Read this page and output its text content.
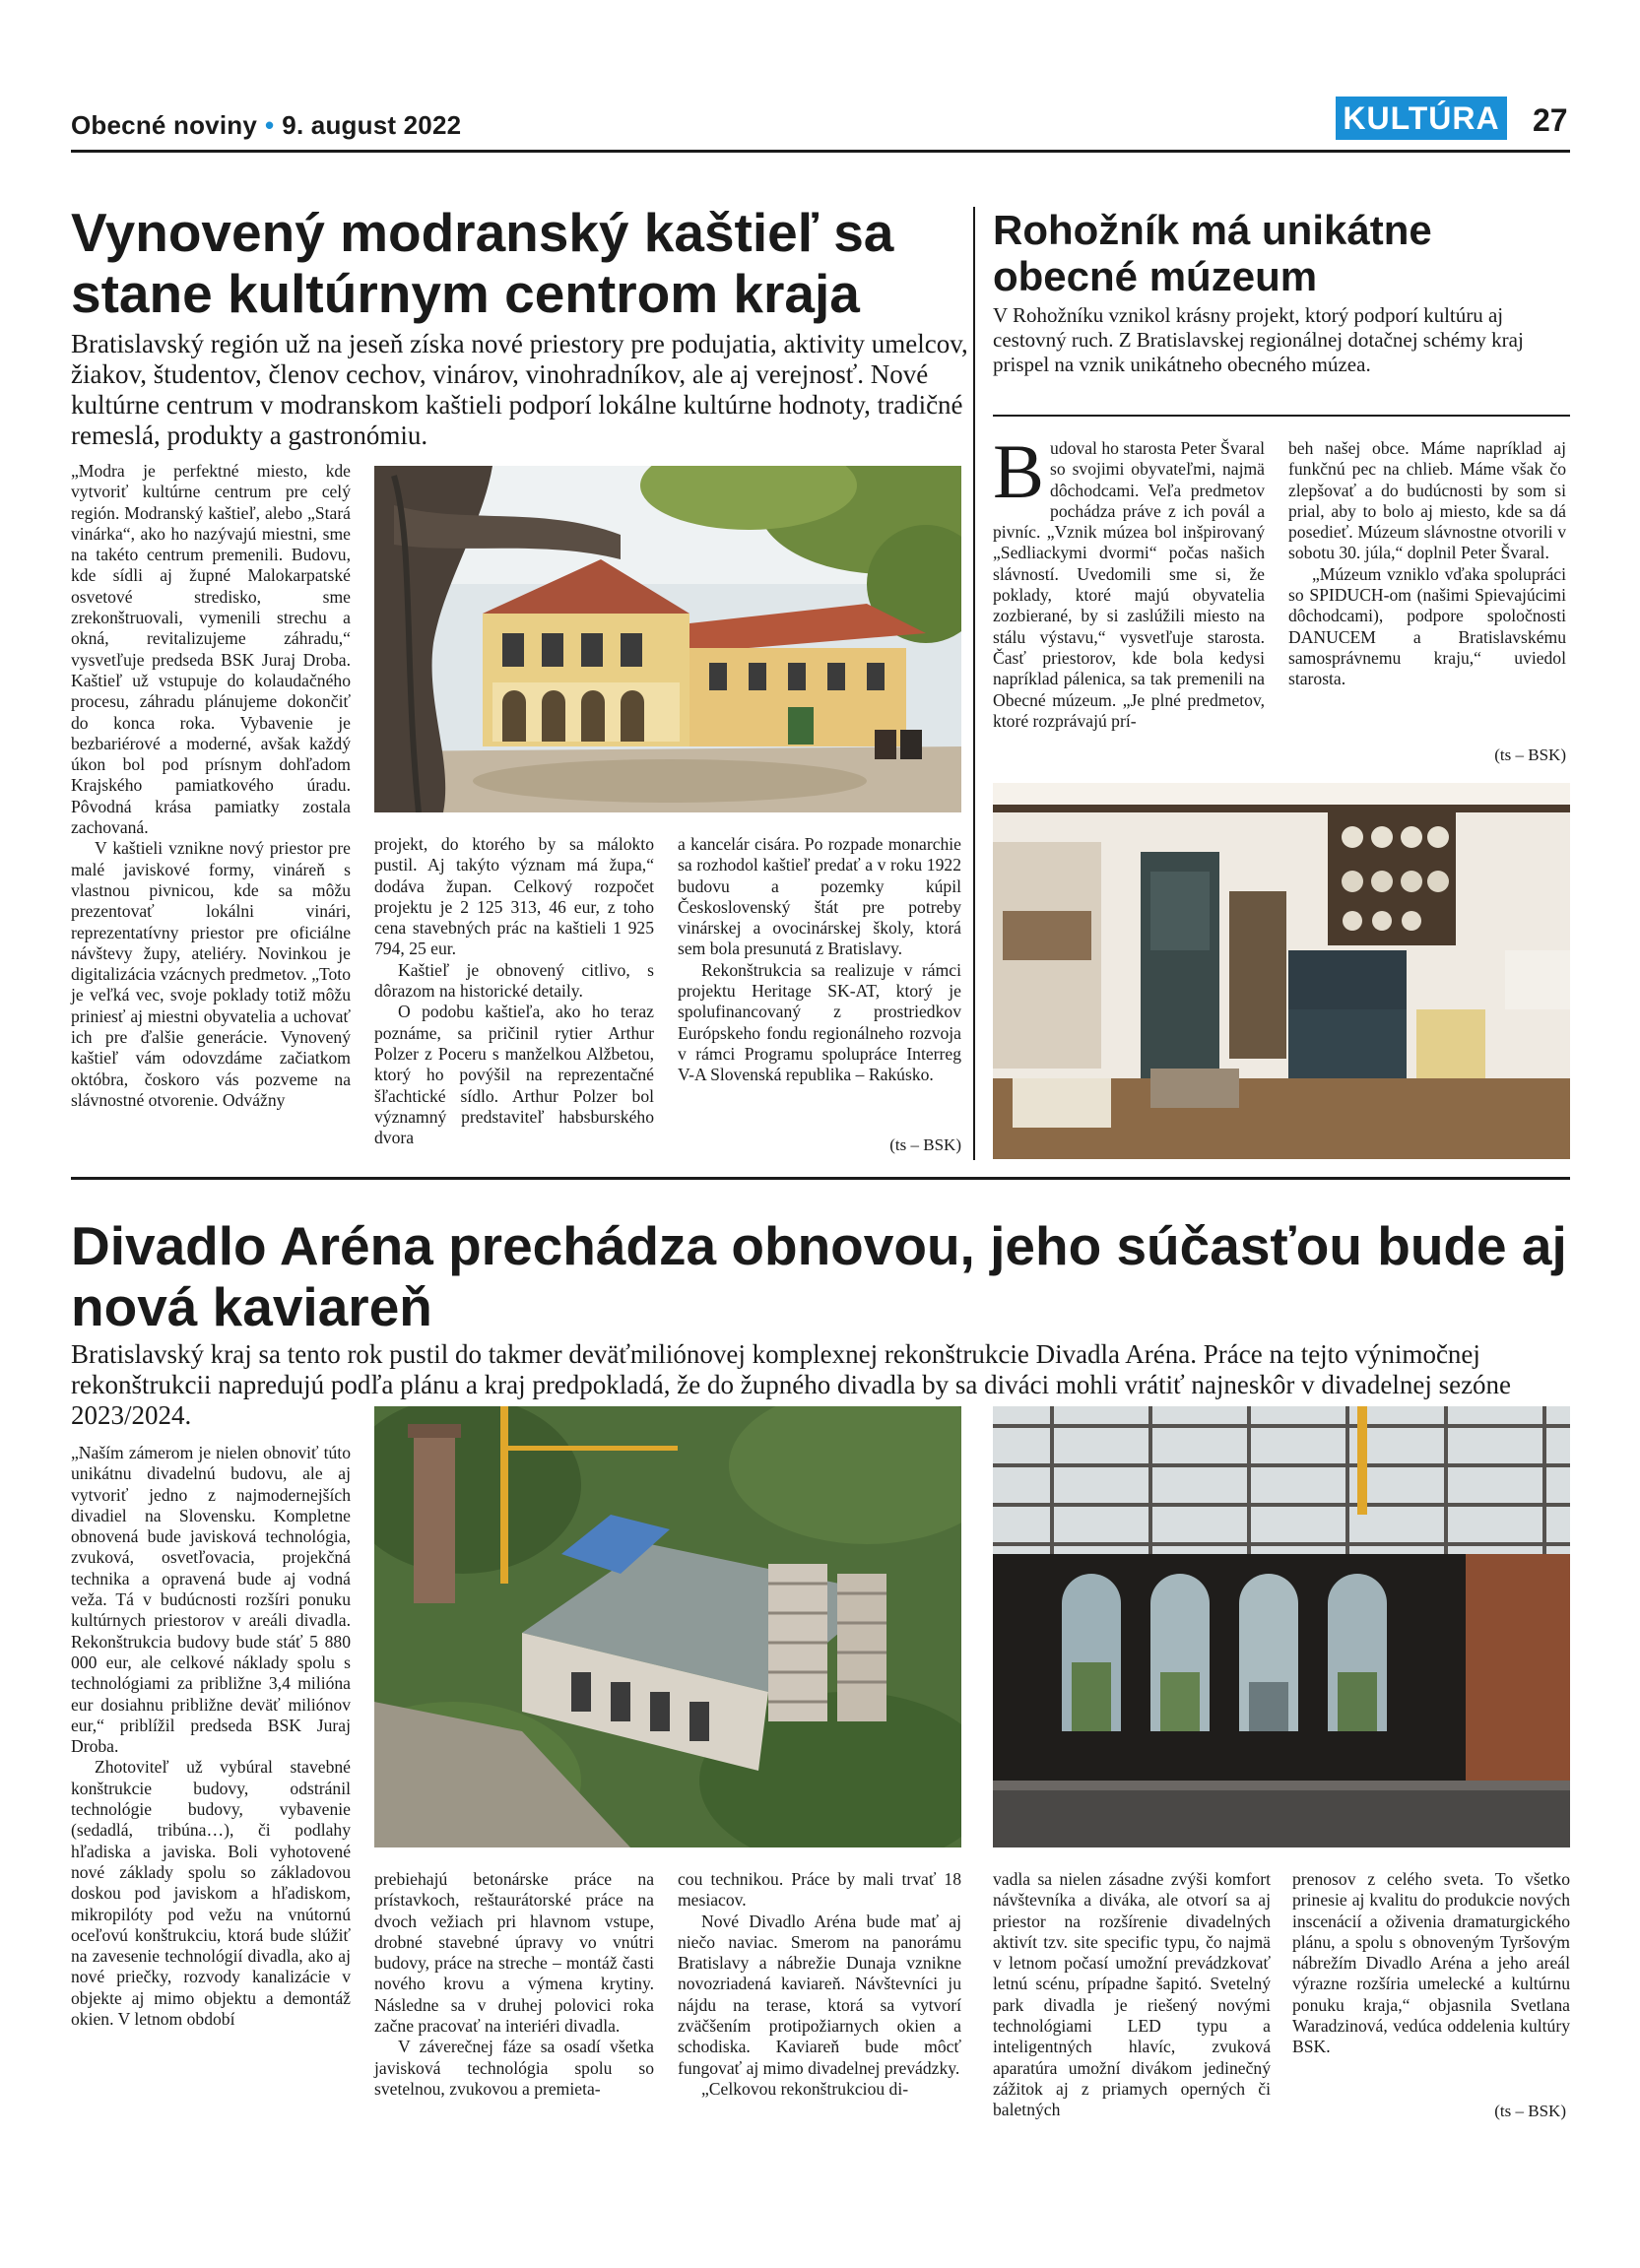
Obecné noviny • 9. august 2022	KULTÚRA 27
Vynovený modranský kaštieľ sa stane kultúrnym centrom kraja
Bratislavský región už na jeseň získa nové priestory pre podujatia, aktivity umelcov, žiakov, študentov, členov cechov, vinárov, vinohradníkov, ale aj verejnosť. Nové kultúrne centrum v modranskom kaštieli podporí lokálne kultúrne hodnoty, tradičné remeslá, produkty a gastronómiu.

„Modra je perfektné miesto, kde vytvoriť kultúrne centrum pre celý región. Modranský kaštieľ, alebo „Stará vinárka“, ako ho nazývajú miestni, sme na takéto centrum premenili. Budovu, kde sídli aj župné Malokarpatské osvetové stredisko, sme zrekonštruovali, vymenili strechu a okná, revitalizujeme záhradu,“ vysvetľuje predseda BSK Juraj Droba. Kaštieľ už vstupuje do kolaudačného procesu, záhradu plánujeme dokončiť do konca roka. Vybavenie je bezbariérové a moderné, avšak každý úkon bol pod prísnym dohľadom Krajského pamiatkového úradu. Pôvodná krása pamiatky zostala zachovaná.

V kaštieli vznikne nový priestor pre malé javiskové formy, vináreň s vlastnou pivnicou, kde sa môžu prezentovať lokálni vinári, reprezentatívny priestor pre oficiálne návštevy župy, ateliéry. Novinkou je digitalizácia vzácnych predmetov. „Toto je veľká vec, svoje poklady totiž môžu priniesť aj miestni obyvatelia a uchovať ich pre ďalšie generácie. Vynovený kaštieľ vám odovzdáme začiatkom októbra, čoskoro vás pozveme na slávnostné otvorenie. Odvážny

projekt, do ktorého by sa málokto pustil. Aj takýto význam má župa,“ dodáva župan. Celkový rozpočet projektu je 2 125 313, 46 eur, z toho cena stavebných prác na kaštieli 1 925 794, 25 eur.

Kaštieľ je obnovený citlivo, s dôrazom na historické detaily.

O podobu kaštieľa, ako ho teraz poznáme, sa pričinil rytier Arthur Polzer z Poceru s manželkou Alžbetou, ktorý ho povýšil na reprezentačné šľachtické sídlo. Arthur Polzer bol významný predstaviteľ habsburského dvora

a kancelár cisára. Po rozpade monarchie sa rozhodol kaštieľ predať a v roku 1922 budovu a pozemky kúpil Československý štát pre potreby vinárskej a ovocinárskej školy, ktorá sem bola presunutá z Bratislavy.

Rekonštrukcia sa realizuje v rámci projektu Heritage SK-AT, ktorý je spolufinancovaný z prostriedkov Európskeho fondu regionálneho rozvoja v rámci Programu spolupráce Interreg V-A Slovenská republika – Rakúsko.

(ts – BSK)
Rohožník má unikátne obecné múzeum
V Rohožníku vznikol krásny projekt, ktorý podporí kultúru aj cestovný ruch. Z Bratislavskej regionálnej dotačnej schémy kraj prispel na vznik unikátneho obecného múzea.
Budoval ho starosta Peter Švaral so svojimi obyvateľmi, najmä dôchodcami. Veľa predmetov pochádza práve z ich povál a pivníc. „Vznik múzea bol inšpirovaný „Sedliackymi dvormi“ počas našich slávností. Uvedomili sme si, že poklady, ktoré majú obyvatelia zozbierané, by si zaslúžili miesto na stálu výstavu,“ vysvetľuje starosta. Časť priestorov, kde bola kedysi napríklad pálenica, sa tak premenili na Obecné múzeum. „Je plné predmetov, ktoré rozprávajú prí-

beh našej obce. Máme napríklad aj funkčnú pec na chlieb. Máme však čo zlepšovať a do budúcnosti by som si prial, aby to bolo aj miesto, kde sa dá posedieť. Múzeum slávnostne otvorili v sobotu 30. júla,“ doplnil Peter Švaral.

„Múzeum vzniklo vďaka spolupráci so SPIDUCH-om (našimi Spievajúcimi dôchodcami), podpore spoločnosti DANUCEM a Bratislavskému samosprávnemu kraju,“ uviedol starosta.

(ts – BSK)
Divadlo Aréna prechádza obnovou, jeho súčasťou bude aj nová kaviareň
Bratislavský kraj sa tento rok pustil do takmer deväťmiliónovej komplexnej rekonštrukcie Divadla Aréna. Práce na tejto výnimočnej rekonštrukcii napredujú podľa plánu a kraj predpokladá, že do župného divadla by sa diváci mohli vrátiť najneskôr v divadelnej sezóne 2023/2024.

„Naším zámerom je nielen obnoviť túto unikátnu divadelnú budovu, ale aj vytvoriť jedno z najmodernejších divadiel na Slovensku. Kompletne obnovená bude javisková technológia, zvuková, osvetľovacia, projekčná technika a opravená bude aj vodná veža. Tá v budúcnosti rozšíri ponuku kultúrnych priestorov v areáli divadla. Rekonštrukcia budovy bude stáť 5 880 000 eur, ale celkové náklady spolu s technológiami za približne 3,4 milióna eur dosiahnu približne deväť miliónov eur,“ priblížil predseda BSK Juraj Droba.

Zhotoviteľ už vybúral stavebné konštrukcie budovy, odstránil technológie budovy, vybavenie (sedadlá, tribúna…), či podlahy hľadiska a javiska. Boli vyhotovené nové základy spolu so základovou doskou pod javiskom a hľadiskom, mikropilóty pod vežu na vnútornú oceľovú konštrukciu, ktorá bude slúžiť na zavesenie technológií divadla, ako aj nové priečky, rozvody kanalizácie v objekte aj mimo objektu a demontáž okien. V letnom období

prebiehajú betonárske práce na prístavkoch, reštaurátorské práce na dvoch vežiach pri hlavnom vstupe, drobné stavebné úpravy vo vnútri budovy, práce na streche – montáž časti nového krovu a výmena krytiny. Následne sa v druhej polovici roka začne pracovať na interiéri divadla.

V záverečnej fáze sa osadí všetka javisková technológia spolu so svetelnou, zvukovou a premieta-

cou technikou. Práce by mali trvať 18 mesiacov.

Nové Divadlo Aréna bude mať aj niečo naviac. Smerom na panorámu Bratislavy a nábrežie Dunaja vznikne novozriadená kaviareň. Návštevníci ju nájdu na terase, ktorá sa vytvorí zväčšením protipožiarnych okien a schodiska. Kaviareň bude môcť fungovať aj mimo divadelnej prevádzky.

„Celkovou rekonštrukciou di-

vadla sa nielen zásadne zvýši komfort návštevníka a diváka, ale otvorí sa aj priestor na rozšírenie divadelných aktivít tzv. site specific typu, čo najmä v letnom počasí umožní prevádzkovať letnú scénu, prípadne šapitó. Svetelný park divadla je riešený novými technológiami LED typu a inteligentných hlavíc, zvuková aparatúra umožní divákom jedinečný zážitok aj z priamych operných či baletných

prenosov z celého sveta. To všetko prinesie aj kvalitu do produkcie nových inscenácií a oživenia dramaturgického plánu, a spolu s obnoveným Tyršovým nábrežím Divadlo Aréna a jeho areál výrazne rozšíria umelecké a kultúrnu ponuku kraja,“ objasnila Svetlana Waradzinová, vedúca oddelenia kultúry BSK.

(ts – BSK)
